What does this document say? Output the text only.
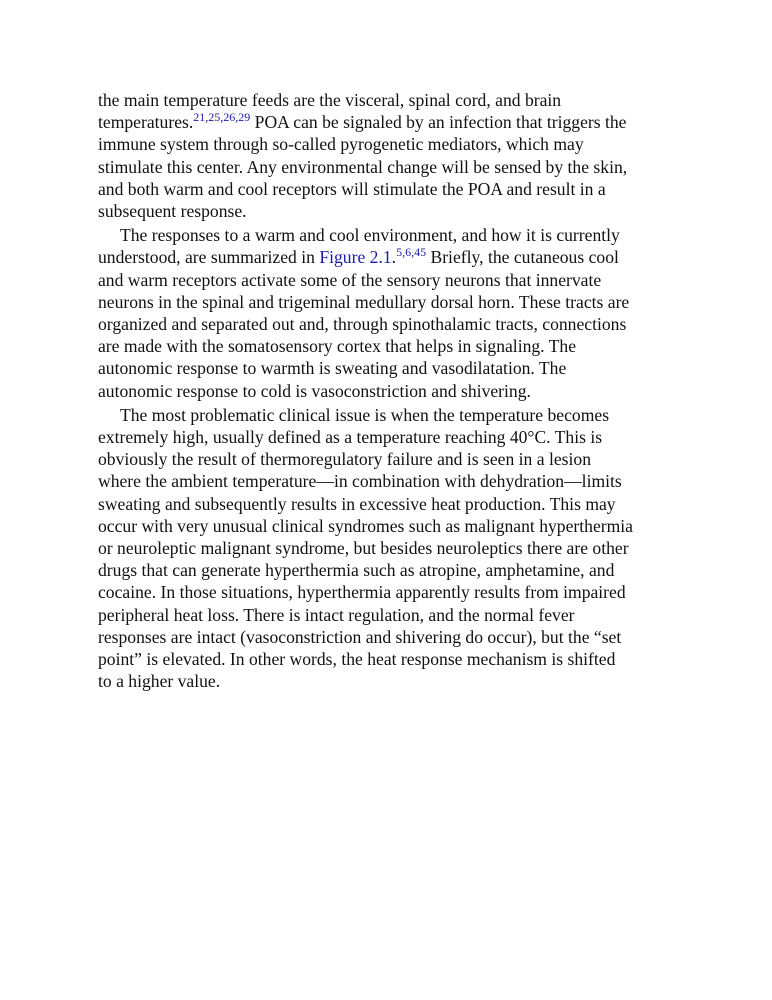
the main temperature feeds are the visceral, spinal cord, and brain
temperatures.$^{21,25,26,29}$ POA can be signaled by an infection that triggers the
immune system through so-called pyrogenetic mediators, which may
stimulate this center. Any environmental change will be sensed by the skin,
and both warm and cool receptors will stimulate the POA and result in a
subsequent response.
The responses to a warm and cool environment, and how it is currently
understood, are summarized in Figure 2.1.$^{5,6,45}$ Briefly, the cutaneous cool
and warm receptors activate some of the sensory neurons that innervate
neurons in the spinal and trigeminal medullary dorsal horn. These tracts are
organized and separated out and, through spinothalamic tracts, connections
are made with the somatosensory cortex that helps in signaling. The
autonomic response to warmth is sweating and vasodilatation. The
autonomic response to cold is vasoconstriction and shivering.
The most problematic clinical issue is when the temperature becomes
extremely high, usually defined as a temperature reaching 40°C. This is
obviously the result of thermoregulatory failure and is seen in a lesion
where the ambient temperature—in combination with dehydration—limits
sweating and subsequently results in excessive heat production. This may
occur with very unusual clinical syndromes such as malignant hyperthermia
or neuroleptic malignant syndrome, but besides neuroleptics there are other
drugs that can generate hyperthermia such as atropine, amphetamine, and
cocaine. In those situations, hyperthermia apparently results from impaired
peripheral heat loss. There is intact regulation, and the normal fever
responses are intact (vasoconstriction and shivering do occur), but the “set
point” is elevated. In other words, the heat response mechanism is shifted
to a higher value.
